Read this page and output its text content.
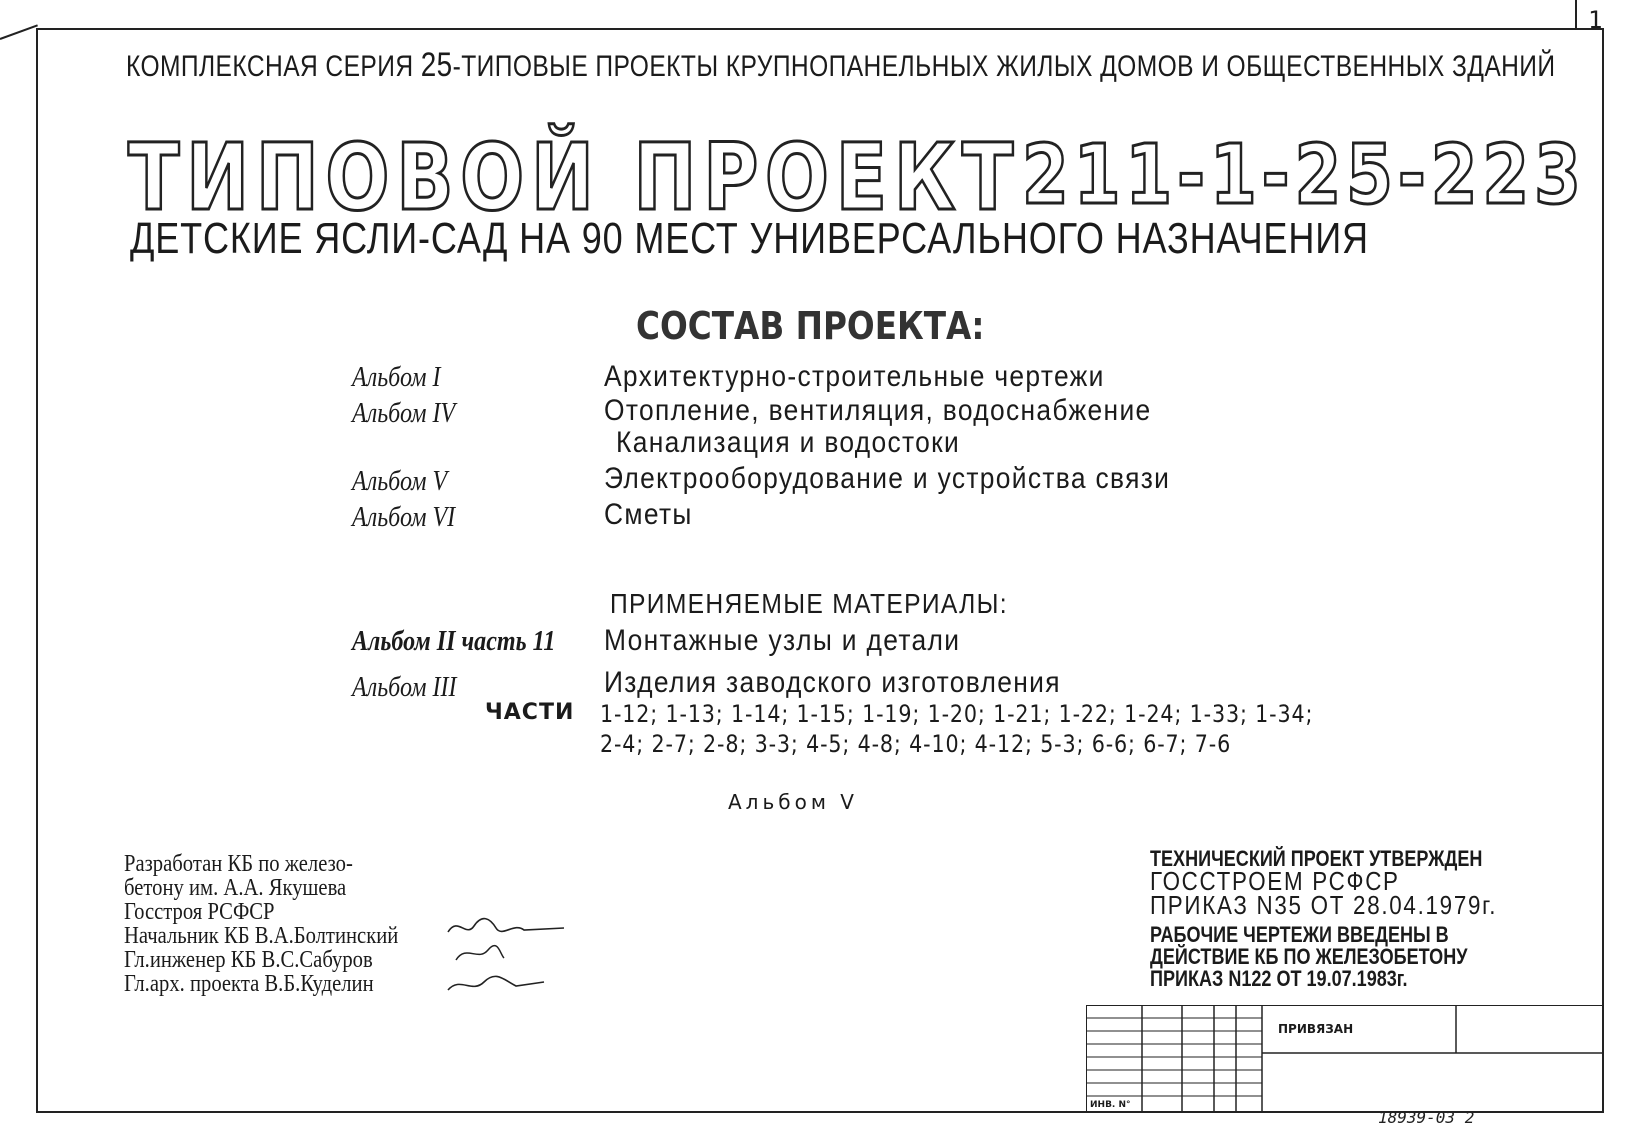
1
КОМПЛЕКСНАЯ СЕРИЯ 25-ТИПОВЫЕ ПРОЕКТЫ КРУПНОПАНЕЛЬНЫХ ЖИЛЫХ ДОМОВ И ОБЩЕСТВЕННЫХ ЗДАНИЙ
ТИПОВОЙ ПРОЕКТ 211-1-25-223
ДЕТСКИЕ ЯСЛИ-САД НА 90 МЕСТ УНИВЕРСАЛЬНОГО НАЗНАЧЕНИЯ
СОСТАВ ПРОЕКТА:
Альбом I	Архитектурно-строительные чертежи
Альбом IV	Отопление, вентиляция, водоснабжение
Канализация и водостоки
Альбом V	Электрооборудование и устройства связи
Альбом VI	Сметы
ПРИМЕНЯЕМЫЕ МАТЕРИАЛЫ:
Альбом II часть 11 Монтажные узлы и детали
Альбом III	Изделия заводского изготовления
ЧАСТИ 1-12; 1-13; 1-14; 1-15; 1-19; 1-20; 1-21; 1-22; 1-24; 1-33; 1-34;
2-4; 2-7; 2-8; 3-3; 4-5; 4-8; 4-10; 4-12; 5-3; 6-6; 6-7; 7-6
Альбом V
Разработан КБ по железо-
бетону им. А.А. Якушева
Госстроя РСФСР
Начальник КБ В.А.Болтинский
Гл.инженер КБ В.С.Сабуров
Гл.арх. проекта В.Б.Куделин
ТЕХНИЧЕСКИЙ ПРОЕКТ УТВЕРЖДЕН
ГОССТРОЕМ РСФСР
ПРИКАЗ N35 ОТ 28.04.1979г.
РАБОЧИЕ ЧЕРТЕЖИ ВВЕДЕНЫ В
ДЕЙСТВИЕ КБ ПО ЖЕЛЕЗОБЕТОНУ
ПРИКАЗ N122 ОТ 19.07.1983г.
ПРИВЯЗАН
ИНВ. N°
18939-03 2
